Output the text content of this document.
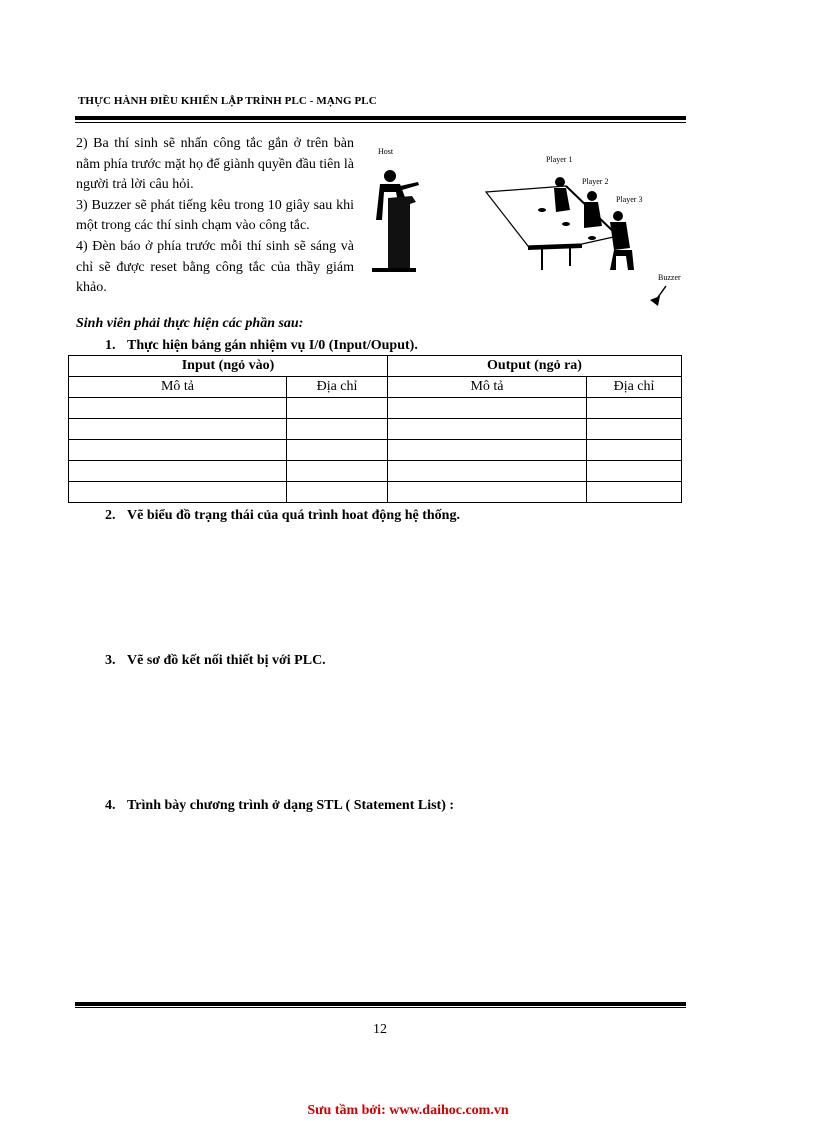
THỰC HÀNH ĐIỀU KHIỂN LẬP TRÌNH PLC - MẠNG PLC

2) Ba thí sinh sẽ nhấn công tắc gắn ở trên bàn nằm phía trước mặt họ để giành quyền đầu tiên là người trả lời câu hỏi.

3) Buzzer sẽ phát tiếng kêu trong 10 giây sau khi một trong các thí sinh chạm vào công tắc.

4) Đèn báo ở phía trước mỗi thí sinh sẽ sáng và chỉ sẽ được reset bằng công tắc của thầy giám khảo.

Host
Player 1
Player 2
Player 3
Buzzer
Sinh viên phải thực hiện các phần sau:
1. Thực hiện bảng gán nhiệm vụ I/0 (Input/Ouput).
Input (ngỏ vào)		Output (ngỏ ra)	
Mô tả	Địa chỉ	Mô tả	Địa chỉ

2. Vẽ biểu đồ trạng thái của quá trình hoat động hệ thống.
3. Vẽ sơ đồ kết nối thiết bị với PLC.
4. Trình bày chương trình ở dạng STL ( Statement List) :
12
Sưu tầm bởi: www.daihoc.com.vn
